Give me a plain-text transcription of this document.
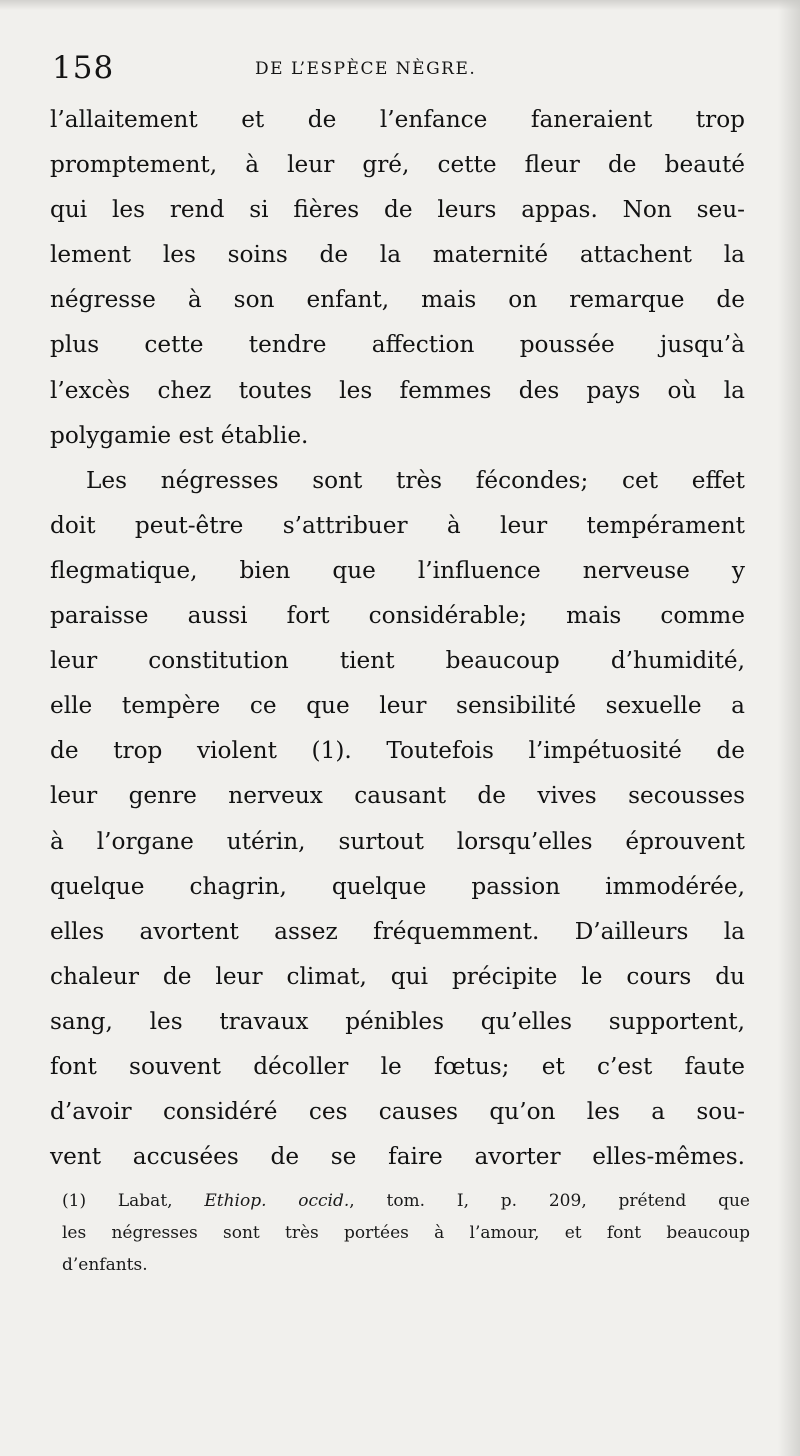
158	DE L’ESPÈCE NÈGRE.
l’allaitement et de l’enfance faneraient trop
promptement, à leur gré, cette fleur de beauté
qui les rend si fières de leurs appas. Non seu-
lement les soins de la maternité attachent la
négresse à son enfant, mais on remarque de
plus cette tendre affection poussée jusqu’à
l’excès chez toutes les femmes des pays où la
polygamie est établie.
Les négresses sont très fécondes; cet effet
doit peut-être s’attribuer à leur tempérament
flegmatique, bien que l’influence nerveuse y
paraisse aussi fort considérable; mais comme
leur constitution tient beaucoup d’humidité,
elle tempère ce que leur sensibilité sexuelle a
de trop violent (1). Toutefois l’impétuosité de
leur genre nerveux causant de vives secousses
à l’organe utérin, surtout lorsqu’elles éprouvent
quelque chagrin, quelque passion immodérée,
elles avortent assez fréquemment. D’ailleurs la
chaleur de leur climat, qui précipite le cours du
sang, les travaux pénibles qu’elles supportent,
font souvent décoller le fœtus; et c’est faute
d’avoir considéré ces causes qu’on les a sou-
vent accusées de se faire avorter elles-mêmes.
(1) Labat, Ethiop. occid., tom. I, p. 209, prétend que
les négresses sont très portées à l’amour, et font beaucoup
d’enfants.
